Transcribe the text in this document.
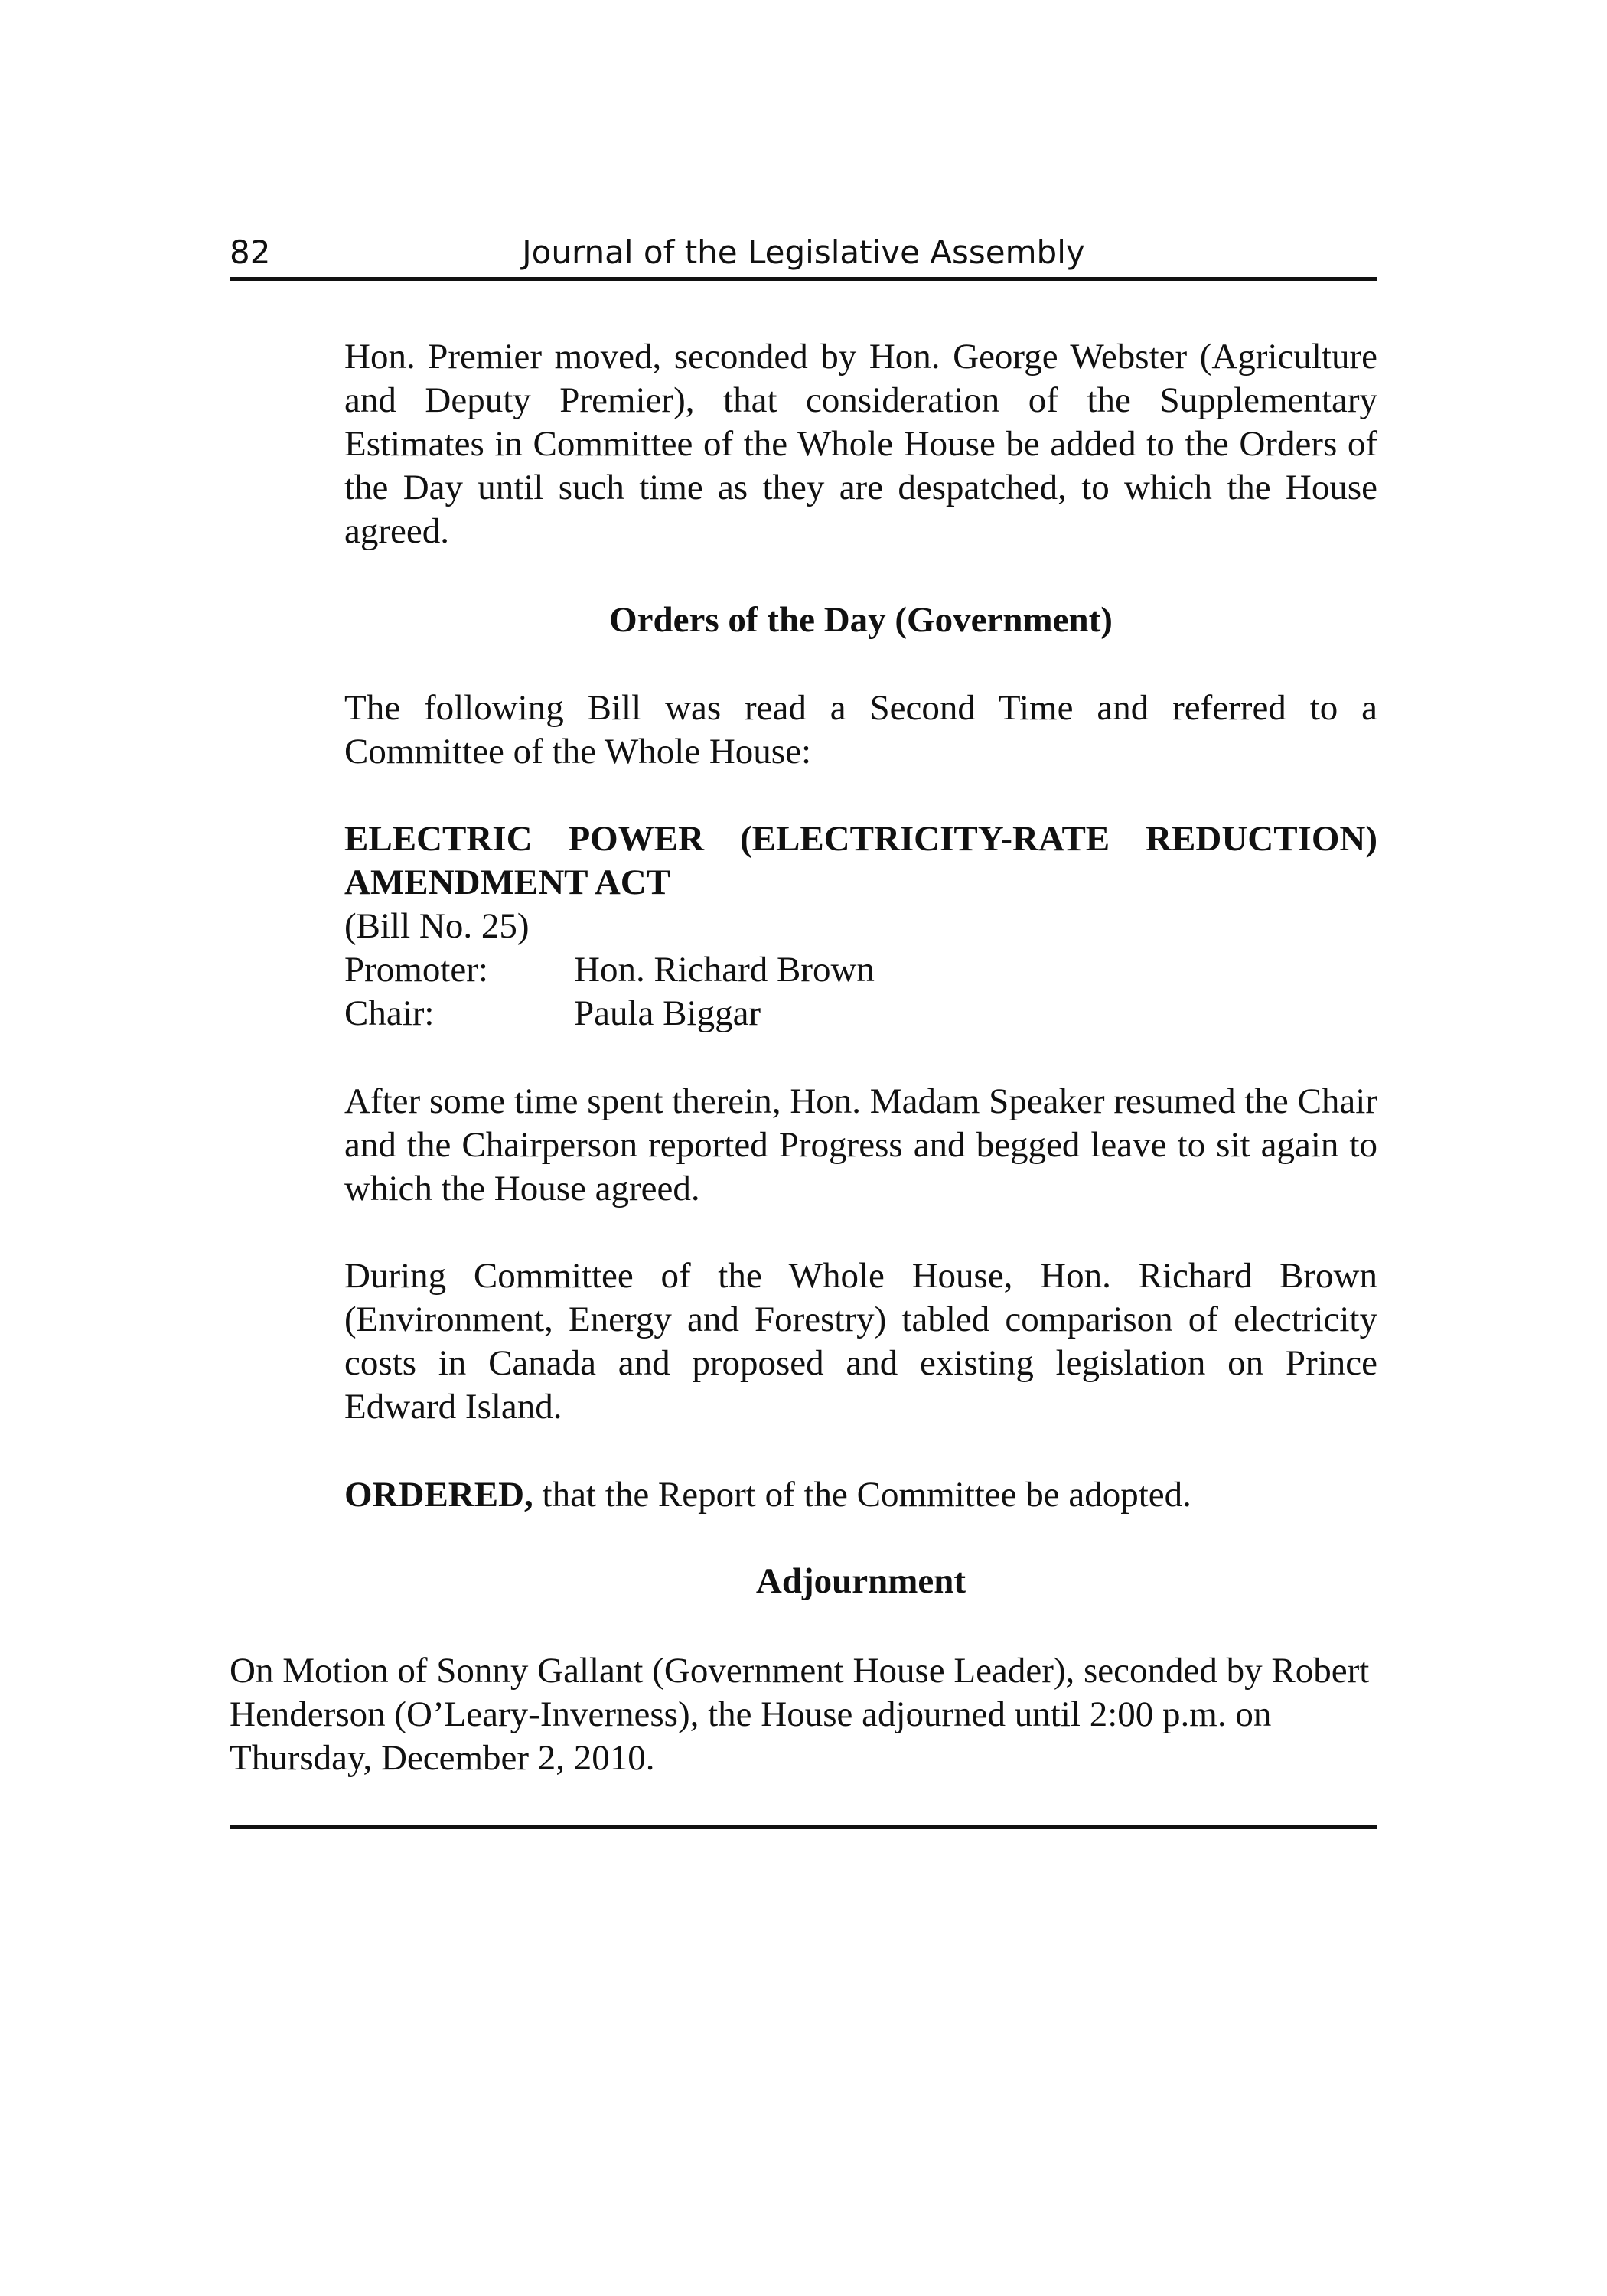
82	Journal of the Legislative Assembly
Hon. Premier moved, seconded by Hon. George Webster (Agriculture and Deputy Premier), that consideration of the Supplementary Estimates in Committee of the Whole House be added to the Orders of the Day until such time as they are despatched, to which the House agreed.
Orders of the Day (Government)
The following Bill was read a Second Time and referred to a Committee of the Whole House:
ELECTRIC POWER (ELECTRICITY-RATE REDUCTION) AMENDMENT ACT
(Bill No. 25)
Promoter:	Hon. Richard Brown
Chair:	Paula Biggar
After some time spent therein, Hon. Madam Speaker resumed the Chair and the Chairperson reported Progress and begged leave to sit again to which the House agreed.
During Committee of the Whole House, Hon. Richard Brown (Environment, Energy and Forestry) tabled comparison of electricity costs in Canada and proposed and existing legislation on Prince Edward Island.
ORDERED, that the Report of the Committee be adopted.
Adjournment
On Motion of Sonny Gallant (Government House Leader), seconded by Robert Henderson (O’Leary-Inverness), the House adjourned until 2:00 p.m. on Thursday, December 2, 2010.
